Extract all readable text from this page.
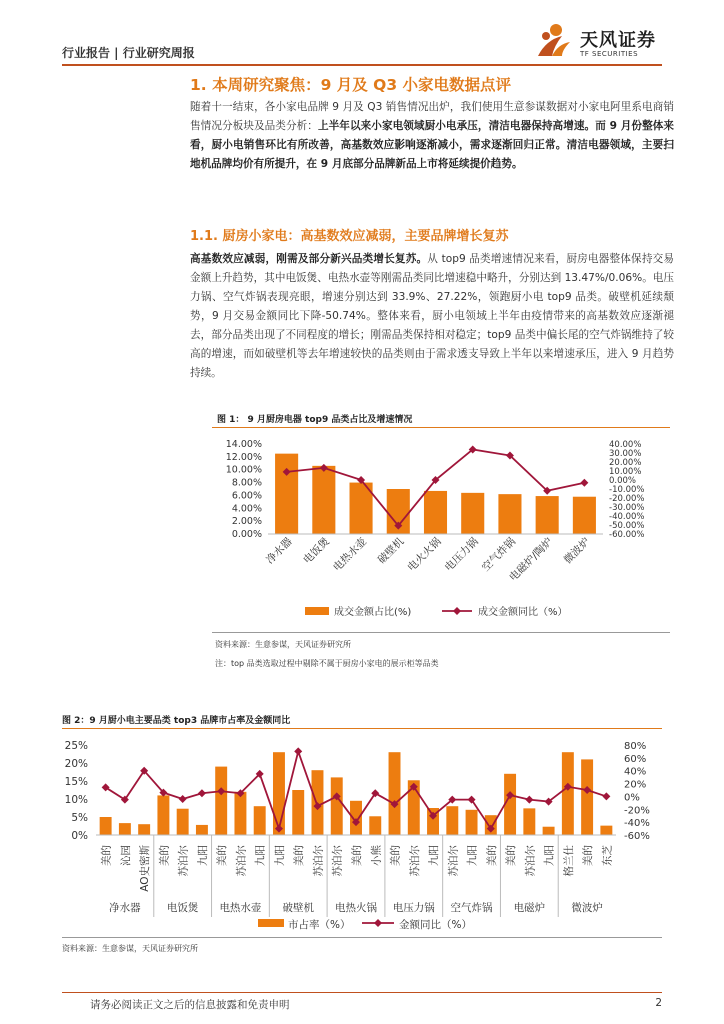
行业报告 | 行业研究周报
天风证券
TF SECURITIES
1. 本周研究聚焦：9 月及 Q3 小家电数据点评
随着十一结束，各小家电品牌 9 月及 Q3 销售情况出炉，我们使用生意参谋数据对小家电阿里系电商销售情况分板块及品类分析：上半年以来小家电领域厨小电承压，清洁电器保持高增速。而 9 月份整体来看，厨小电销售环比有所改善，高基数效应影响逐渐减小，需求逐渐回归正常。清洁电器领域，主要扫地机品牌均价有所提升，在 9 月底部分品牌新品上市将延续提价趋势。
1.1. 厨房小家电：高基数效应减弱，主要品牌增长复苏
高基数效应减弱，刚需及部分新兴品类增长复苏。从 top9 品类增速情况来看，厨房电器整体保持交易金额上升趋势，其中电饭煲、电热水壶等刚需品类同比增速稳中略升，分别达到 13.47%/0.06%。电压力锅、空气炸锅表现亮眼，增速分别达到 33.9%、27.22%，领跑厨小电 top9 品类。破壁机延续颓势，9 月交易金额同比下降-50.74%。整体来看，厨小电领域上半年由疫情带来的高基数效应逐渐褪去，部分品类出现了不同程度的增长；刚需品类保持相对稳定；top9 品类中偏长尾的空气炸锅维持了较高的增速，而如破壁机等去年增速较快的品类则由于需求透支导致上半年以来增速承压，进入 9 月趋势持续。
图 1： 9 月厨房电器 top9 品类占比及增速情况
14.00%
12.00%
10.00%
8.00%
6.00%
4.00%
2.00%
0.00%
40.00%
30.00%
20.00%
10.00%
0.00%
-10.00%
-20.00%
-30.00%
-40.00%
-50.00%
-60.00%
净水器 电饭煲 电热水壶 破壁机 电火火锅 电压力锅 空气炸锅
电磁炉/陶炉 微波炉
成交金额占比(%)	成交金额同比（%）
资料来源：生意参谋，天风证券研究所
注：top 品类选取过程中剔除不属于厨房小家电的展示柜等品类
图 2：9 月厨小电主要品类 top3 品牌市占率及金额同比
25%
20%
15%
10%
5%
0%
80%
60%
40%
20%
0%
-20%
-40%
-60%
美的 沁园 AO史密斯
净水器
美的 苏泊尔 九阳
电饭煲
美的 苏泊尔 九阳
电热水壶
九阳 美的 苏泊尔
破壁机
苏泊尔 美的 小熊
电热火锅
美的 苏泊尔 九阳
电压力锅
苏泊尔 九阳 美的
空气炸锅
美的 苏泊尔 九阳
电磁炉
格兰仕 美的 东芝
微波炉
市占率（%）	金额同比（%）
资料来源：生意参谋，天风证券研究所
请务必阅读正文之后的信息披露和免责申明	2
